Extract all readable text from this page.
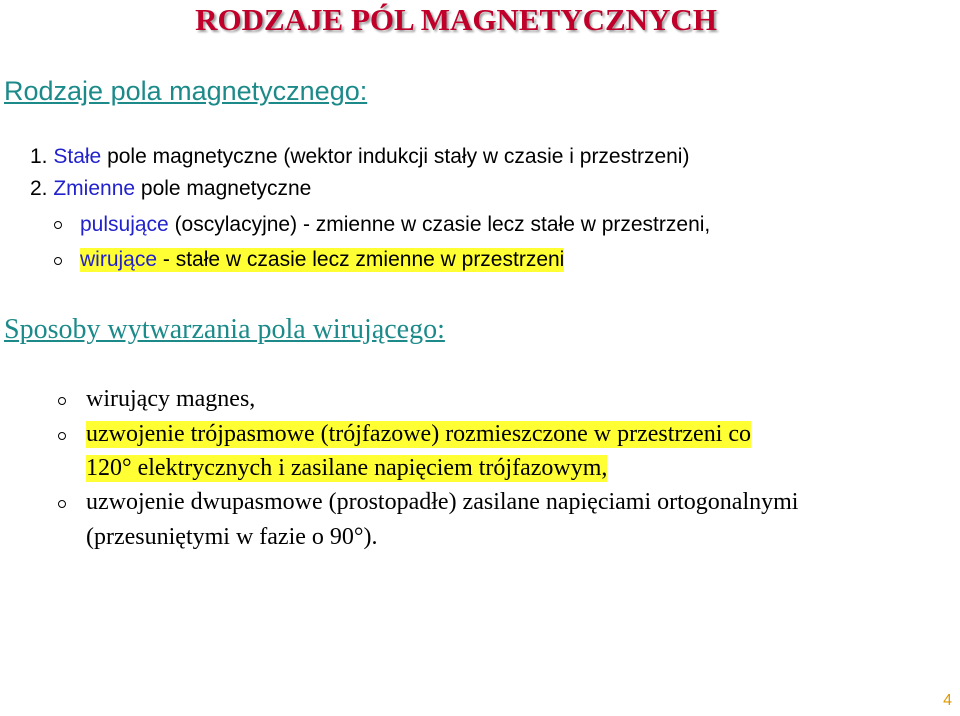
RODZAJE PÓL MAGNETYCZNYCH
Rodzaje pola magnetycznego:
1. Stałe pole magnetyczne (wektor indukcji stały w czasie i przestrzeni)
2. Zmienne pole magnetyczne
pulsujące (oscylacyjne) - zmienne w czasie lecz stałe w przestrzeni,
wirujące - stałe w czasie lecz zmienne w przestrzeni
Sposoby wytwarzania pola wirującego:
wirujący magnes,
uzwojenie trójpasmowe (trójfazowe) rozmieszczone w przestrzeni co
120° elektrycznych i zasilane napięciem trójfazowym,
uzwojenie dwupasmowe (prostopadłe) zasilane napięciami ortogonalnymi
(przesuniętymi w fazie o 90°).
4
